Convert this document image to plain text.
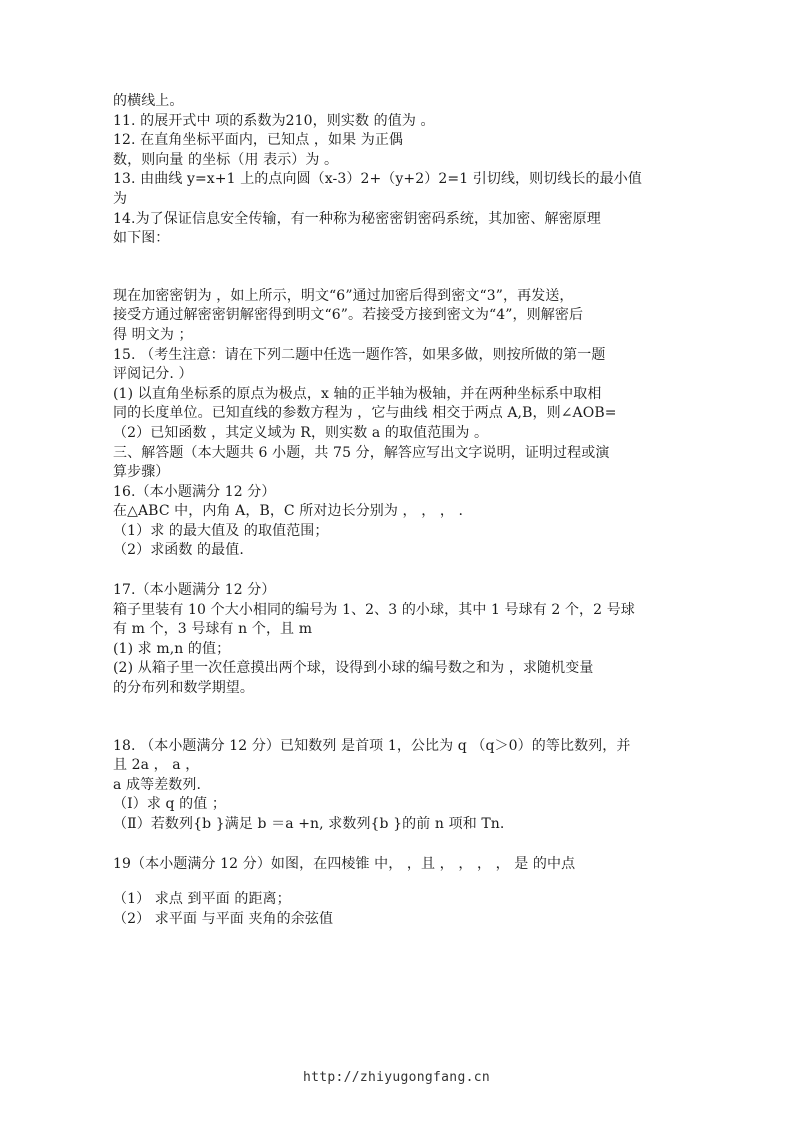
的横线上。

11. 的展开式中 项的系数为210，则实数 的值为 。

12. 在直角坐标平面内，已知点 ，如果 为正偶

数，则向量 的坐标（用 表示）为 。

13. 由曲线 y=x+1 上的点向圆（x-3）2+（y+2）2=1 引切线，则切线长的最小值

为

14.为了保证信息安全传输，有一种称为秘密密钥密码系统，其加密、解密原理

如下图：

现在加密密钥为 ，如上所示，明文“6”通过加密后得到密文“3”，再发送，

接受方通过解密密钥解密得到明文“6”。若接受方接到密文为“4”，则解密后

得 明文为 ；

15. （考生注意：请在下列二题中任选一题作答，如果多做，则按所做的第一题

评阅记分. ）

(1) 以直角坐标系的原点为极点，x 轴的正半轴为极轴，并在两种坐标系中取相

同的长度单位。已知直线的参数方程为 ，它与曲线 相交于两点 A,B，则∠AOB=

（2）已知函数 ，其定义域为 R，则实数 a 的取值范围为 。

三、解答题（本大题共 6 小题，共 75 分，解答应写出文字说明，证明过程或演

算步骤）

16.（本小题满分 12 分）

在△ABC 中，内角 A，B，C 所对边长分别为 ， ， ， .

（1）求 的最大值及 的取值范围；

（2）求函数 的最值.

17.（本小题满分 12 分）

箱子里装有 10 个大小相同的编号为 1、2、3 的小球，其中 1 号球有 2 个，2 号球

有 m 个，3 号球有 n 个，且 m

(1) 求 m,n 的值；

(2) 从箱子里一次任意摸出两个球，设得到小球的编号数之和为 ，求随机变量

的分布列和数学期望。

18. （本小题满分 12 分）已知数列 是首项 1，公比为 q （q＞0）的等比数列，并

且 2a ， a ，

a 成等差数列.

（Ⅰ）求 q 的值 ；

（Ⅱ）若数列{b }满足 b ＝a +n, 求数列{b }的前 n 项和 Tn.

19（本小题满分 12 分）如图，在四棱锥 中， ，且 ， ， ， ， 是 的中点

（1） 求点 到平面 的距离；

（2） 求平面 与平面 夹角的余弦值

http://zhiyugongfang.cn
